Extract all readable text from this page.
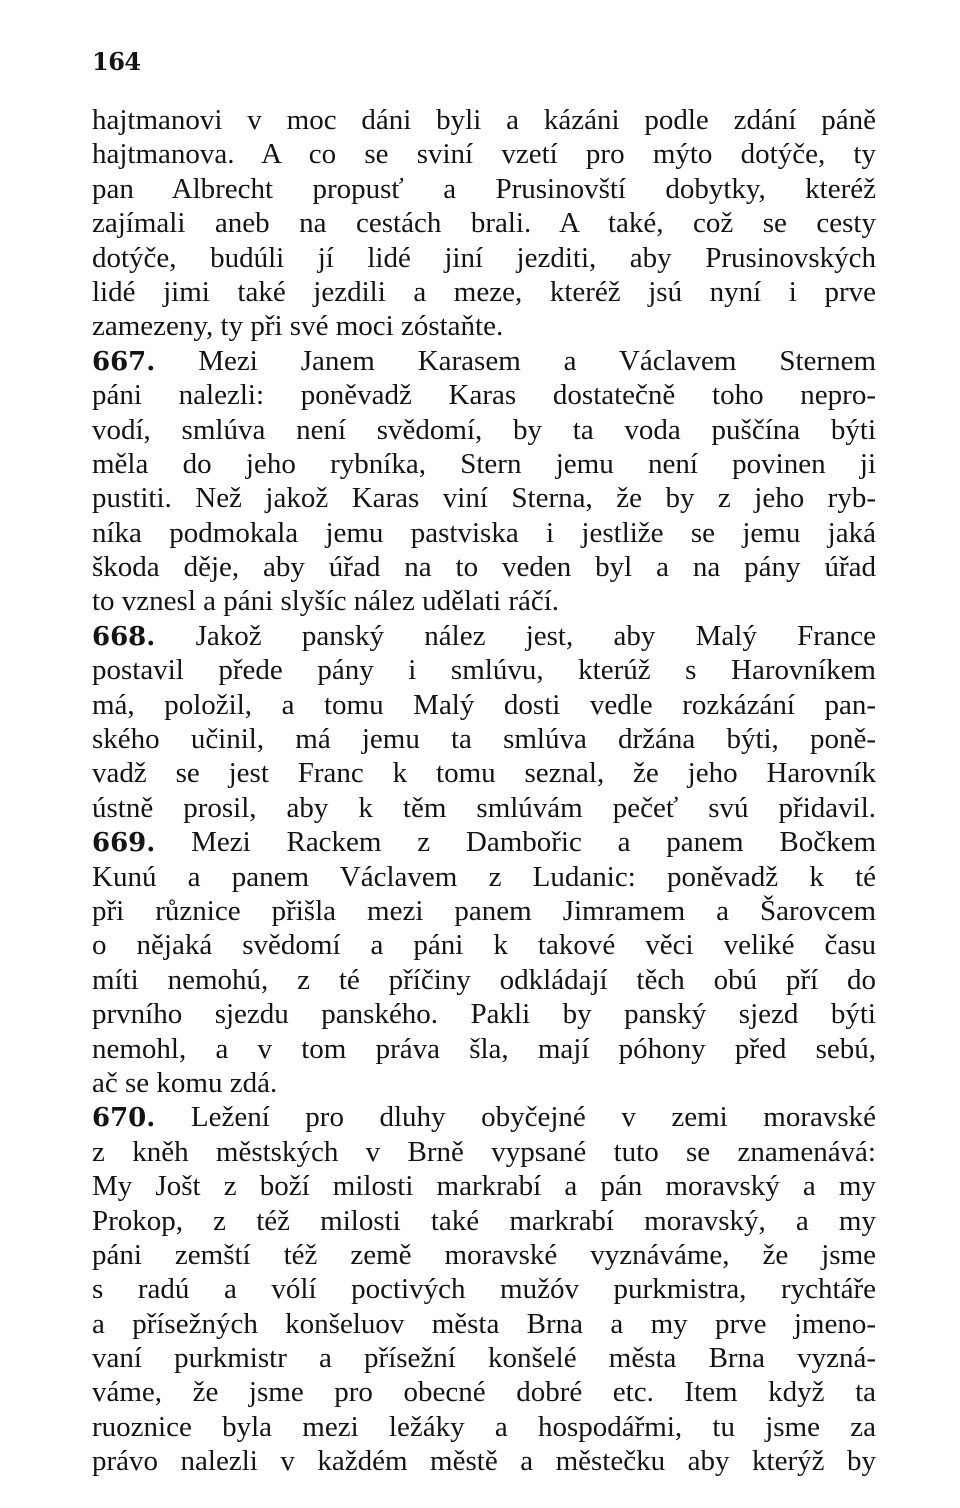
164
hajtmanovi v moc dáni byli a kázáni podle zdání páně
hajtmanova. A co se sviní vzetí pro mýto dotýče, ty
pan Albrecht propusť a Prusinovští dobytky, kteréž
zajímali aneb na cestách brali. A také, což se cesty
dotýče, budúli jí lidé jiní jezditi, aby Prusinovských
lidé jimi také jezdili a meze, kteréž jsú nyní i prve
zamezeny, ty při své moci zóstaňte.
667. Mezi Janem Karasem a Václavem Sternem
páni nalezli: poněvadž Karas dostatečně toho nepro-
vodí, smlúva není svědomí, by ta voda puščína býti
měla do jeho rybníka, Stern jemu není povinen ji
pustiti. Než jakož Karas viní Sterna, že by z jeho ryb-
níka podmokala jemu pastviska i jestliže se jemu jaká
škoda děje, aby úřad na to veden byl a na pány úřad
to vznesl a páni slyšíc nález udělati ráčí.
668. Jakož panský nález jest, aby Malý France
postavil přede pány i smlúvu, kterúž s Harovníkem
má, položil, a tomu Malý dosti vedle rozkázání pan-
ského učinil, má jemu ta smlúva držána býti, poně-
vadž se jest Franc k tomu seznal, že jeho Harovník
ústně prosil, aby k těm smlúvám pečeť svú přidavil.
669. Mezi Rackem z Dambořic a panem Bočkem
Kunú a panem Václavem z Ludanic: poněvadž k té
při různice přišla mezi panem Jimramem a Šarovcem
o nějaká svědomí a páni k takové věci veliké času
míti nemohú, z té příčiny odkládají těch obú pří do
prvního sjezdu panského. Pakli by panský sjezd býti
nemohl, a v tom práva šla, mají póhony před sebú,
ač se komu zdá.
670. Ležení pro dluhy obyčejné v zemi moravské
z kněh městských v Brně vypsané tuto se znamenává:
My Jošt z boží milosti markrabí a pán moravský a my
Prokop, z též milosti také markrabí moravský, a my
páni zemští též země moravské vyznáváme, že jsme
s radú a vólí poctivých mužóv purkmistra, rychtáře
a přísežných konšeluov města Brna a my prve jmeno-
vaní purkmistr a přísežní konšelé města Brna vyzná-
váme, že jsme pro obecné dobré etc. Item když ta
ruoznice byla mezi ležáky a hospodářmi, tu jsme za
právo nalezli v každém městě a městečku aby kterýž by
